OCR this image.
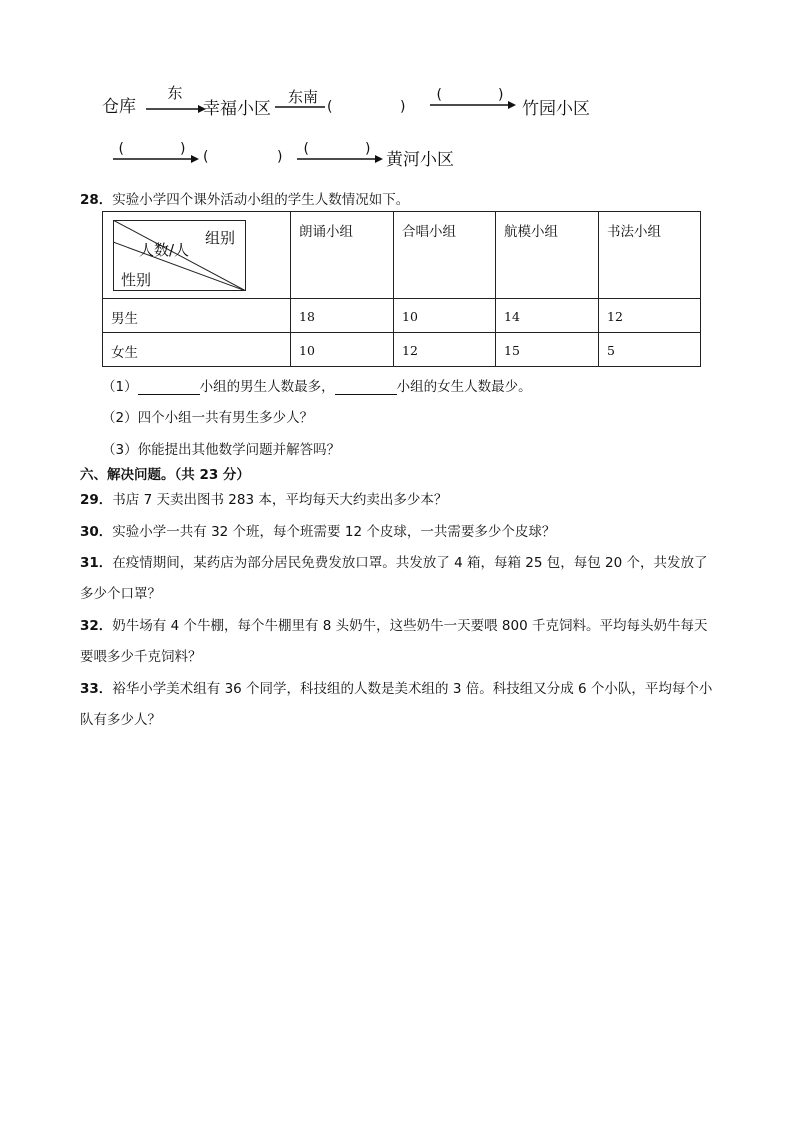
仓库
东
幸福小区
东南
(	)
(　　　　)
竹园小区
(　　　　)	(	)	(　　　　)
黄河小区
28．实验小学四个课外活动小组的学生人数情况如下。
组别
人数/人
性别	朗诵小组	合唱小组	航模小组	书法小组

男生	18	10	14	12

女生	10	12	15	5
（1）	小组的男生人数最多，	小组的女生人数最少。
（2）四个小组一共有男生多少人？
（3）你能提出其他数学问题并解答吗？
六、解决问题。（共 23 分）
29．书店 7 天卖出图书 283 本，平均每天大约卖出多少本？
30．实验小学一共有 32 个班，每个班需要 12 个皮球，一共需要多少个皮球？
31．在疫情期间，某药店为部分居民免费发放口罩。共发放了 4 箱，每箱 25 包，每包 20 个，共发放了
多少个口罩？
32．奶牛场有 4 个牛棚，每个牛棚里有 8 头奶牛，这些奶牛一天要喂 800 千克饲料。平均每头奶牛每天
要喂多少千克饲料？
33．裕华小学美术组有 36 个同学，科技组的人数是美术组的 3 倍。科技组又分成 6 个小队，平均每个小
队有多少人？
